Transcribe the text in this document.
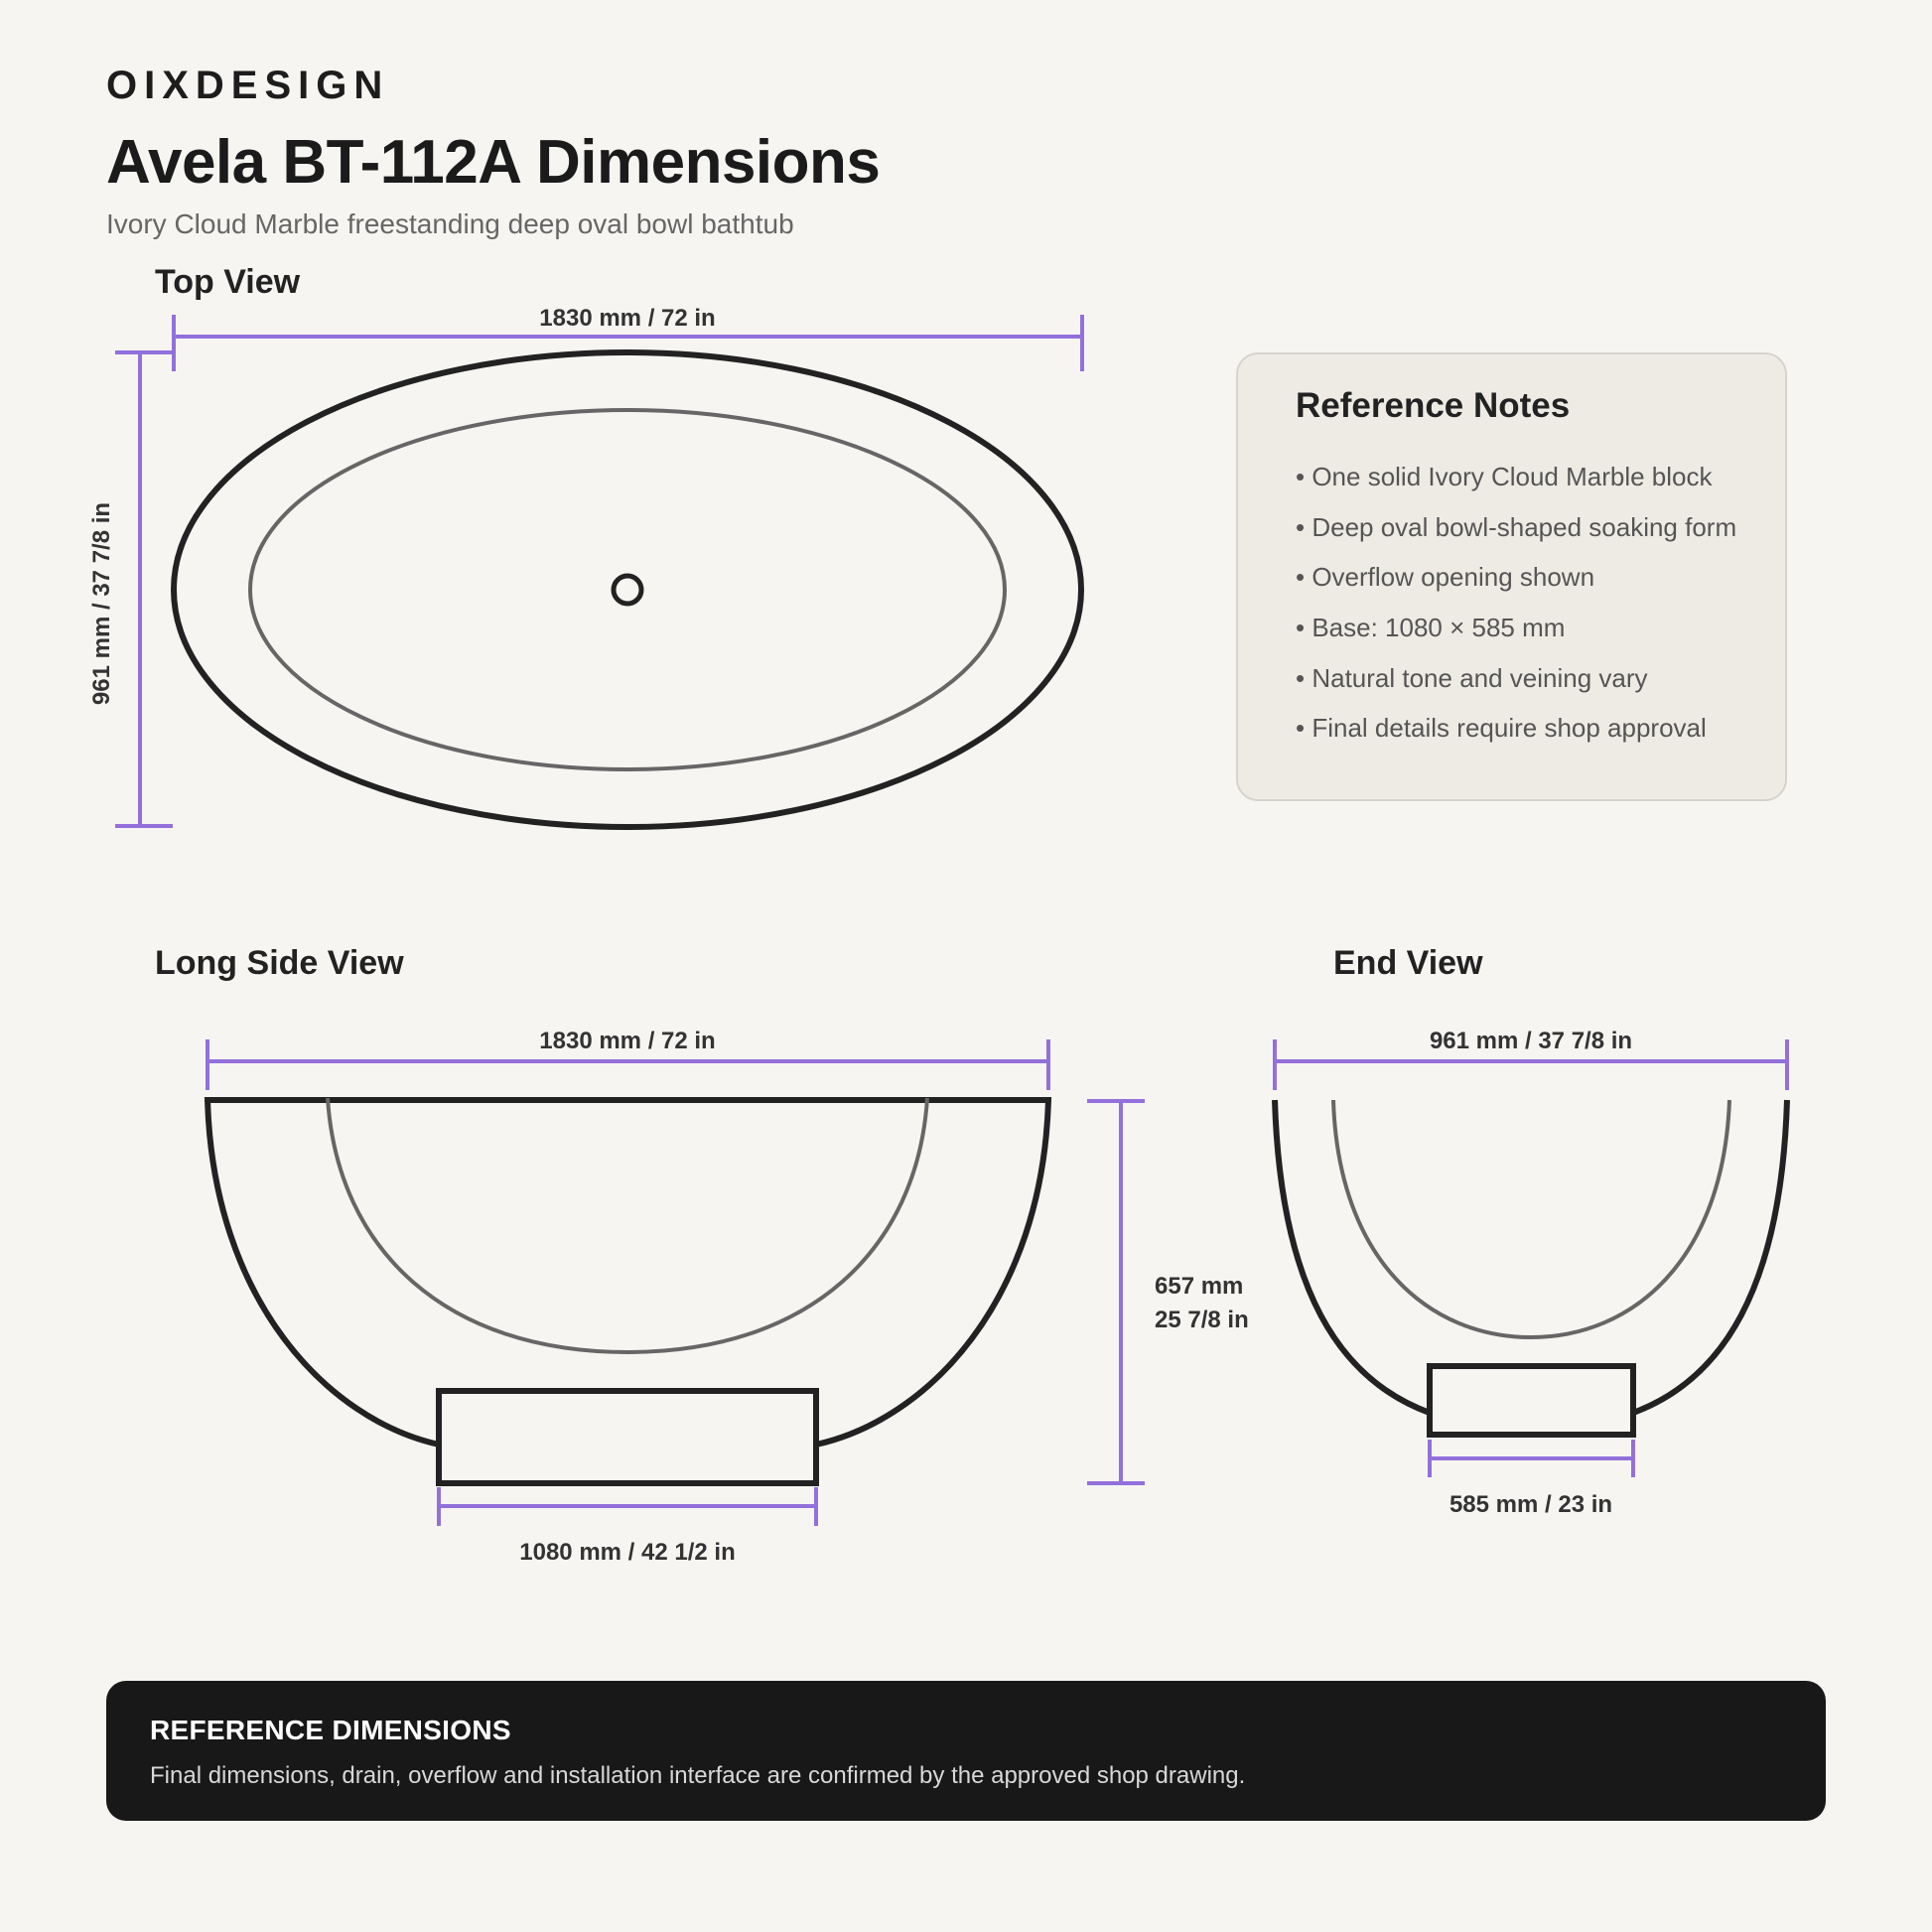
OIXDESIGN
Avela BT-112A Dimensions
Ivory Cloud Marble freestanding deep oval bowl bathtub
Top View
Long Side View	End View
1830 mm / 72 in
961 mm / 37 7/8 in
1830 mm / 72 in
657 mm
25 7/8 in
1080 mm / 42 1/2 in
961 mm / 37 7/8 in
585 mm / 23 in
Reference Notes
• One solid Ivory Cloud Marble block
• Deep oval bowl-shaped soaking form
• Overflow opening shown
• Base: 1080 × 585 mm
• Natural tone and veining vary
• Final details require shop approval
REFERENCE DIMENSIONS
Final dimensions, drain, overflow and installation interface are confirmed by the approved shop drawing.
